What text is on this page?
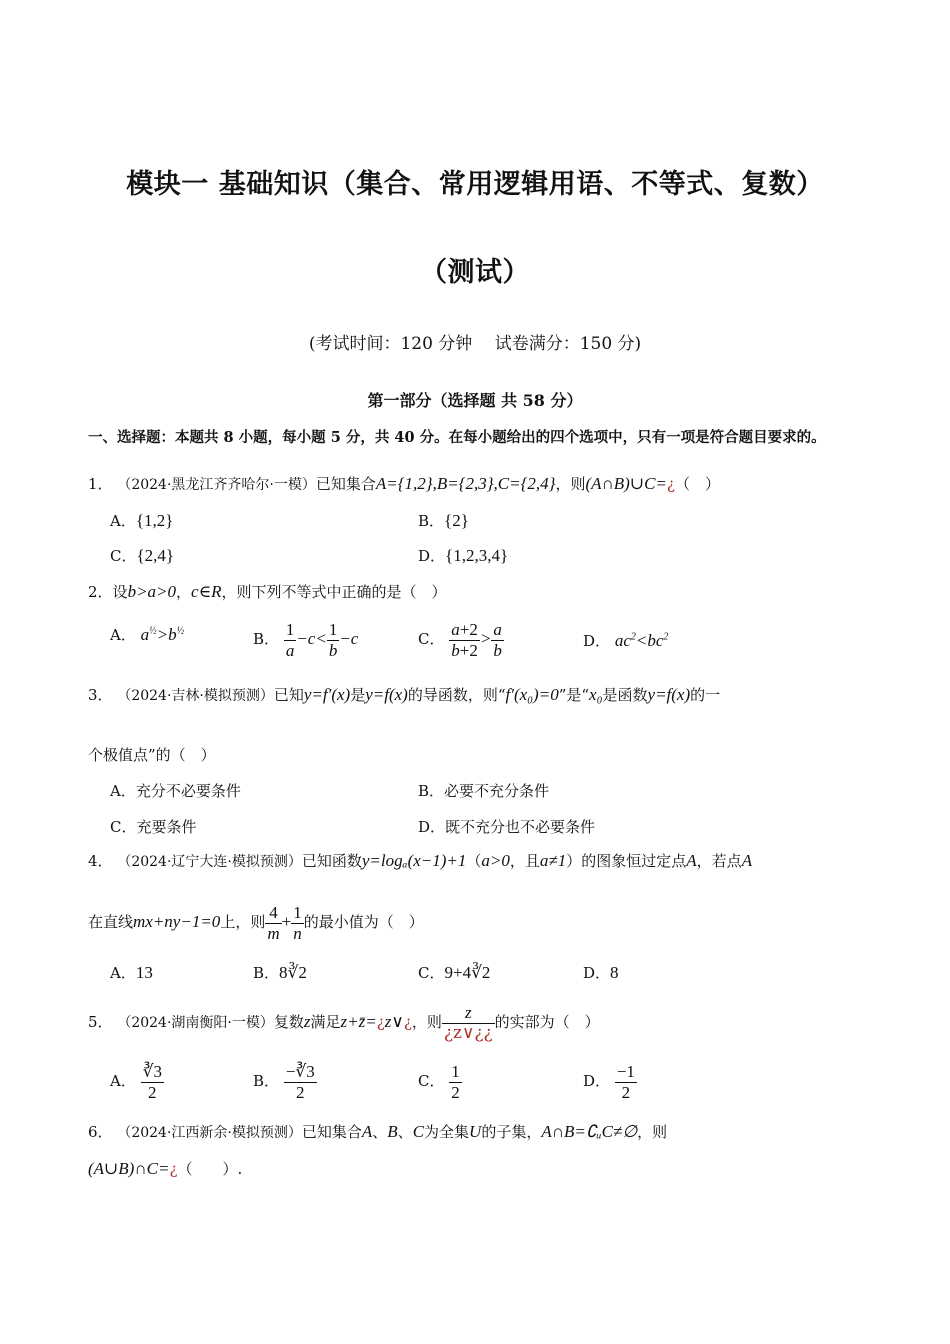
模块一 基础知识（集合、常用逻辑用语、不等式、复数）
（测试）
(考试时间：120 分钟　 试卷满分：150 分)
第一部分（选择题 共 58 分）
一、选择题：本题共 8 小题，每小题 5 分，共 40 分。在每小题给出的四个选项中，只有一项是符合题目要求的。
1． （2024·黑龙江齐齐哈尔·一模）已知集合A={1,2},B={2,3},C={2,4}，则(A∩B)∪C=¿（　）
A．{1,2}	B．{2}
C．{2,4}	D．{1,2,3,4}
2．设b>a>0，c∈R，则下列不等式中正确的是（　）
A． $a^{\frac{1}{2}}>b^{\frac{1}{2}}$	B． $\frac{1}{a} -c< \frac{1}{b} -c$	C． $\frac{a+2}{b+2} > \frac{a}{b}$	D． $ac^2<bc^2$
3． （2024·吉林·模拟预测）已知y=f′(x)是y=f(x)的导函数，则“f′(x₀)=0”是“x₀是函数y=f(x)的一
个极值点”的（　）
A．充分不必要条件	B．必要不充分条件
C．充要条件	D．既不充分也不必要条件
4． （2024·辽宁大连·模拟预测）已知函数y=logₐ(x−1)+1（a>0，且a≠1）的图象恒过定点A，若点A
在直线mx+ny−1=0上，则 $\frac{4}{m} + \frac{1}{n}$ 的最小值为（　）
A．13	B．8∛2	C．9+4∛2	D．8
5． （2024·湖南衡阳·一模）复数z满足z+z̄=¿z∨¿，则 $\frac{z}{¿z\vee¿¿}$ 的实部为（　）
A． $\frac{∛3}{2}$	B． $\frac{-∛3}{2}$	C． $\frac{1}{2}$	D． $\frac{-1}{2}$
6． （2024·江西新余·模拟预测）已知集合A、B、C为全集U的子集，A∩B=∁ᵤC≠∅，则
(A∪B)∩C=¿（　　）.
